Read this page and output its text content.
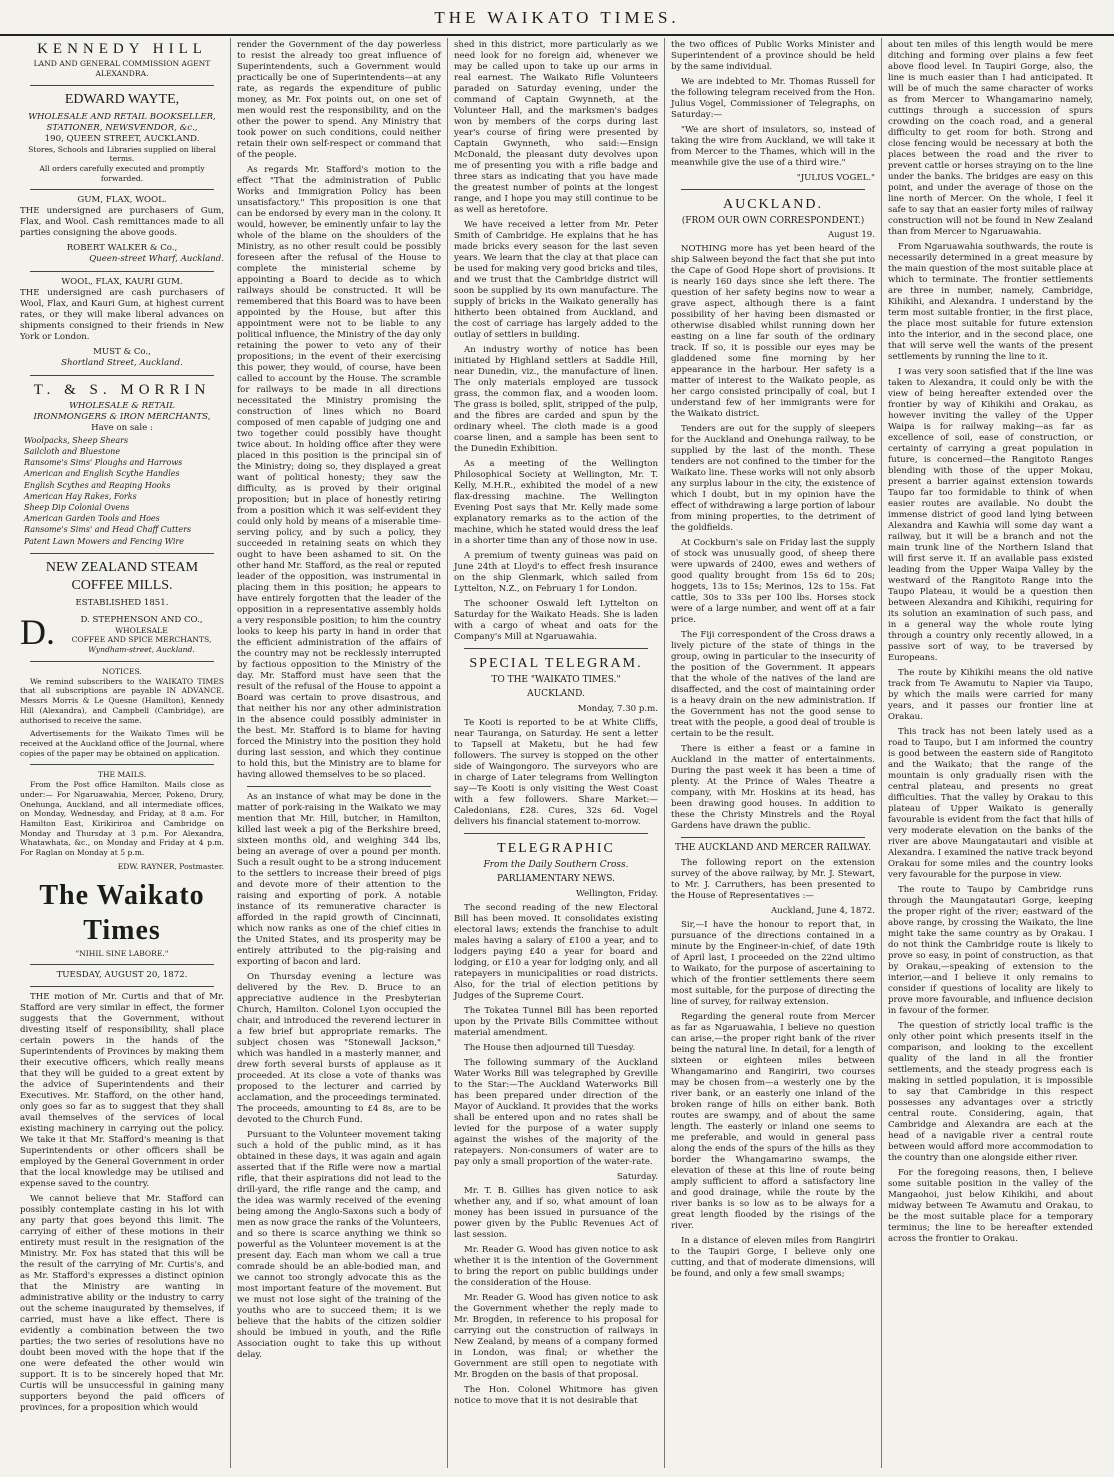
THE WAIKATO TIMES.
KENNEDY HILL
LAND AND GENERAL COMMISSION AGENT
ALEXANDRA.
EDWARD WAYTE,
WHOLESALE AND RETAIL BOOKSELLER,
STATIONER, NEWSVENDOR, &c.,
190, QUEEN STREET, AUCKLAND.
Stores, Schools and Libraries supplied on liberal terms.
All orders carefully executed and promptly forwarded.
GUM, FLAX, WOOL.

THE undersigned are purchasers of Gum, Flax, and Wool. Cash remittances made to all parties consigning the above goods.

ROBERT WALKER & Co.,
Queen-street Wharf, Auckland.
WOOL, FLAX, KAURI GUM.

THE undersigned are cash purchasers of Wool, Flax, and Kauri Gum, at highest current rates, or they will make liberal advances on shipments consigned to their friends in New York or London.

MUST & Co.,
Shortland Street, Auckland.
T. & S. MORRIN
WHOLESALE & RETAIL
IRONMONGERS & IRON MERCHANTS,
Have on sale :
Woolpacks, Sheep Shears
Sailcloth and Bluestone
Ransome's Sims' Ploughs and Harrows
American and English Scythe Handles
English Scythes and Reaping Hooks
American Hay Rakes, Forks
Sheep Dip Colonial Ovens
American Garden Tools and Hoes
Ransome's Sims' and Head Chaff Cutters
Patent Lawn Mowers and Fencing Wire
NEW ZEALAND STEAM COFFEE MILLS.
ESTABLISHED 1851.
D.	D. STEPHENSON AND CO.,
WHOLESALE
COFFEE AND SPICE MERCHANTS,
Wyndham-street, Auckland.
NOTICES.

We remind subscribers to the WAIKATO TIMES that all subscriptions are payable IN ADVANCE. Messrs Morris & Le Quesne (Hamilton), Kennedy Hill (Alexandra), and Campbell (Cambridge), are authorised to receive the same.

Advertisements for the Waikato Times will be received at the Auckland office of the Journal, where copies of the paper may be obtained on application.

THE MAILS.

From the Post office Hamilton. Mails close as under:— For Ngaruawahia, Mercer, Pokeno, Drury, Onehunga, Auckland, and all intermediate offices, on Monday, Wednesday, and Friday, at 8 a.m. For Hamilton East, Kirikiriroa and Cambridge on Monday and Thursday at 3 p.m. For Alexandra, Whatawhata, &c., on Monday and Friday at 4 p.m. For Raglan on Monday at 5 p.m.

EDW. RAYNER, Postmaster.
The Waikato Times
"NIHIL SINE LABORE."
TUESDAY, AUGUST 20, 1872.

THE motion of Mr. Curtis and that of Mr. Stafford are very similar in effect, the former suggests that the Government, without divesting itself of responsibility, shall place certain powers in the hands of the Superintendents of Provinces by making them their executive officers, which really means that they will be guided to a great extent by the advice of Superintendents and their Executives. Mr. Stafford, on the other hand, only goes so far as to suggest that they shall avail themselves of the services of local existing machinery in carrying out the policy. We take it that Mr. Stafford's meaning is that Superintendents or other officers shall be employed by the General Government in order that the local knowledge may be utilised and expense saved to the country.

We cannot believe that Mr. Stafford can possibly contemplate casting in his lot with any party that goes beyond this limit. The carrying of either of these motions in their entirety must result in the resignation of the Ministry. Mr. Fox has stated that this will be the result of the carrying of Mr. Curtis's, and as Mr. Stafford's expresses a distinct opinion that the Ministry are wanting in administrative ability or the industry to carry out the scheme inaugurated by themselves, if carried, must have a like effect. There is evidently a combination between the two parties; the two series of resolutions have no doubt been moved with the hope that if the one were defeated the other would win support. It is to be sincerely hoped that Mr. Curtis will be unsuccessful in gaining many supporters beyond the paid officers of provinces, for a proposition which would

render the Government of the day powerless to resist the already too great influence of Superintendents, such a Government would practically be one of Superintendents—at any rate, as regards the expenditure of public money, as Mr. Fox points out, on one set of men would rest the responsibility, and on the other the power to spend. Any Ministry that took power on such conditions, could neither retain their own self-respect or command that of the people.

As regards Mr. Stafford's motion to the effect "That the administration of Public Works and Immigration Policy has been unsatisfactory." This proposition is one that can be endorsed by every man in the colony. It would, however, be eminently unfair to lay the whole of the blame on the shoulders of the Ministry, as no other result could be possibly foreseen after the refusal of the House to complete the ministerial scheme by appointing a Board to decide as to which railways should be constructed. It will be remembered that this Board was to have been appointed by the House, but after this appointment were not to be liable to any political influence, the Ministry of the day only retaining the power to veto any of their propositions; in the event of their exercising this power, they would, of course, have been called to account by the House. The scramble for railways to be made in all directions necessitated the Ministry promising the construction of lines which no Board composed of men capable of judging one and two together could possibly have thought twice about. In holding office after they were placed in this position is the principal sin of the Ministry; doing so, they displayed a great want of political honesty; they saw the difficulty, as is proved by their original proposition; but in place of honestly retiring from a position which it was self-evident they could only hold by means of a miserable time-serving policy, and by such a policy, they succeeded in retaining seats on which they ought to have been ashamed to sit. On the other hand Mr. Stafford, as the real or reputed leader of the opposition, was instrumental in placing them in this position; he appears to have entirely forgotten that the leader of the opposition in a representative assembly holds a very responsible position; to him the country looks to keep his party in hand in order that the efficient administration of the affairs of the country may not be recklessly interrupted by factious opposition to the Ministry of the day. Mr. Stafford must have seen that the result of the refusal of the House to appoint a Board was certain to prove disastrous, and that neither his nor any other administration in the absence could possibly administer in the best. Mr. Stafford is to blame for having forced the Ministry into the position they hold during last session, and which they continue to hold this, but the Ministry are to blame for having allowed themselves to be so placed.

As an instance of what may be done in the matter of pork-raising in the Waikato we may mention that Mr. Hill, butcher, in Hamilton, killed last week a pig of the Berkshire breed, sixteen months old, and weighing 344 lbs, being an average of over a pound per month. Such a result ought to be a strong inducement to the settlers to increase their breed of pigs and devote more of their attention to the raising and exporting of pork. A notable instance of its remunerative character is afforded in the rapid growth of Cincinnati, which now ranks as one of the chief cities in the United States, and its prosperity may be entirely attributed to the pig-raising and exporting of bacon and lard.

On Thursday evening a lecture was delivered by the Rev. D. Bruce to an appreciative audience in the Presbyterian Church, Hamilton. Colonel Lyon occupied the chair, and introduced the reverend lecturer in a few brief but appropriate remarks. The subject chosen was "Stonewall Jackson," which was handled in a masterly manner, and drew forth several bursts of applause as it proceeded. At its close a vote of thanks was proposed to the lecturer and carried by acclamation, and the proceedings terminated. The proceeds, amounting to £4 8s, are to be devoted to the Church Fund.

Pursuant to the Volunteer movement taking such a hold of the public mind, as it has obtained in these days, it was again and again asserted that if the Rifle were now a martial rifle, that their aspirations did not lead to the drill-yard, the rifle range and the camp, and the idea was warmly received of the evening being among the Anglo-Saxons such a body of men as now grace the ranks of the Volunteers, and so there is scarce anything we think so powerful as the Volunteer movement is at the present day. Each man whom we call a true comrade should be an able-bodied man, and we cannot too strongly advocate this as the most important feature of the movement. But we must not lose sight of the training of the youths who are to succeed them; it is we believe that the habits of the citizen soldier should be imbued in youth, and the Rifle Association ought to take this up without delay.

shed in this district, more particularly as we need look for no foreign aid, whenever we may be called upon to take up our arms in real earnest. The Waikato Rifle Volunteers paraded on Saturday evening, under the command of Captain Gwynneth, at the Volunteer Hall, and the marksmen's badges won by members of the corps during last year's course of firing were presented by Captain Gwynneth, who said:—Ensign McDonald, the pleasant duty devolves upon me of presenting you with a rifle badge and three stars as indicating that you have made the greatest number of points at the longest range, and I hope you may still continue to be as well as heretofore.

We have received a letter from Mr. Peter Smith of Cambridge. He explains that he has made bricks every season for the last seven years. We learn that the clay at that place can be used for making very good bricks and tiles, and we trust that the Cambridge district will soon be supplied by its own manufacture. The supply of bricks in the Waikato generally has hitherto been obtained from Auckland, and the cost of carriage has largely added to the outlay of settlers in building.

An industry worthy of notice has been initiated by Highland settlers at Saddle Hill, near Dunedin, viz., the manufacture of linen. The only materials employed are tussock grass, the common flax, and a wooden loom. The grass is boiled, split, stripped of the pulp, and the fibres are carded and spun by the ordinary wheel. The cloth made is a good coarse linen, and a sample has been sent to the Dunedin Exhibition.

As a meeting of the Wellington Philosophical Society at Wellington, Mr. T. Kelly, M.H.R., exhibited the model of a new flax-dressing machine. The Wellington Evening Post says that Mr. Kelly made some explanatory remarks as to the action of the machine, which he stated would dress the leaf in a shorter time than any of those now in use.

A premium of twenty guineas was paid on June 24th at Lloyd's to effect fresh insurance on the ship Glenmark, which sailed from Lyttelton, N.Z., on February 1 for London.

The schooner Oswald left Lyttelton on Saturday for the Waikato Heads. She is laden with a cargo of wheat and oats for the Company's Mill at Ngaruawahia.

SPECIAL TELEGRAM.
TO THE "WAIKATO TIMES."
AUCKLAND.
Monday, 7.30 p.m.

Te Kooti is reported to be at White Cliffs, near Tauranga, on Saturday. He sent a letter to Tapsell at Maketu, but he had few followers. The survey is stopped on the other side of Waingongoro. The surveyors who are in charge of Later telegrams from Wellington say—Te Kooti is only visiting the West Coast with a few followers. Share Market:—Caledonians, £28. Cures, 32s 6d. Vogel delivers his financial statement to-morrow.

TELEGRAPHIC
From the Daily Southern Cross.
PARLIAMENTARY NEWS.
Wellington, Friday.

The second reading of the new Electoral Bill has been moved. It consolidates existing electoral laws; extends the franchise to adult males having a salary of £100 a year, and to lodgers paying £40 a year for board and lodging, or £10 a year for lodging only, and all ratepayers in municipalities or road districts. Also, for the trial of election petitions by Judges of the Supreme Court.

The Tokatea Tunnel Bill has been reported upon by the Private Bills Committee without material amendment.

The House then adjourned till Tuesday.

The following summary of the Auckland Water Works Bill was telegraphed by Greville to the Star:—The Auckland Waterworks Bill has been prepared under direction of the Mayor of Auckland. It provides that the works shall be entered upon and no rates shall be levied for the purpose of a water supply against the wishes of the majority of the ratepayers. Non-consumers of water are to pay only a small proportion of the water-rate.

Saturday.

Mr. T. B. Gillies has given notice to ask whether any, and if so, what amount of loan money has been issued in pursuance of the power given by the Public Revenues Act of last session.

Mr. Reader G. Wood has given notice to ask whether it is the intention of the Government to bring the report on public buildings under the consideration of the House.

Mr. Reader G. Wood has given notice to ask the Government whether the reply made to Mr. Brogden, in reference to his proposal for carrying out the construction of railways in New Zealand, by means of a company formed in London, was final; or whether the Government are still open to negotiate with Mr. Brogden on the basis of that proposal.

The Hon. Colonel Whitmore has given notice to move that it is not desirable that

the two offices of Public Works Minister and Superintendent of a province should be held by the same individual.

We are indebted to Mr. Thomas Russell for the following telegram received from the Hon. Julius Vogel, Commissioner of Telegraphs, on Saturday:—

"We are short of insulators, so, instead of taking the wire from Auckland, we will take it from Mercer to the Thames, which will in the meanwhile give the use of a third wire."

"JULIUS VOGEL."
AUCKLAND.
(FROM OUR OWN CORRESPONDENT.)
August 19.

NOTHING more has yet been heard of the ship Salween beyond the fact that she put into the Cape of Good Hope short of provisions. It is nearly 160 days since she left there. The question of her safety begins now to wear a grave aspect, although there is a faint possibility of her having been dismasted or otherwise disabled whilst running down her easting on a line far south of the ordinary track. If so, it is possible our eyes may be gladdened some fine morning by her appearance in the harbour. Her safety is a matter of interest to the Waikato people, as her cargo consisted principally of coal, but I understand few of her immigrants were for the Waikato district.

Tenders are out for the supply of sleepers for the Auckland and Onehunga railway, to be supplied by the last of the month. These tenders are not confined to the timber for the Waikato line. These works will not only absorb any surplus labour in the city, the existence of which I doubt, but in my opinion have the effect of withdrawing a large portion of labour from mining properties, to the detriment of the goldfields.

At Cockburn's sale on Friday last the supply of stock was unusually good, of sheep there were upwards of 2400, ewes and wethers of good quality brought from 15s 6d to 20s; hoggets, 13s to 15s; Merinos, 12s to 15s. Fat cattle, 30s to 33s per 100 lbs. Horses stock were of a large number, and went off at a fair price.

The Fiji correspondent of the Cross draws a lively picture of the state of things in the group, owing in particular to the insecurity of the position of the Government. It appears that the whole of the natives of the land are disaffected, and the cost of maintaining order is a heavy drain on the new administration. If the Government has not the good sense to treat with the people, a good deal of trouble is certain to be the result.

There is either a feast or a famine in Auckland in the matter of entertainments. During the past week it has been a time of plenty. At the Prince of Wales Theatre a company, with Mr. Hoskins at its head, has been drawing good houses. In addition to these the Christy Minstrels and the Royal Gardens have drawn the public.

THE AUCKLAND AND MERCER RAILWAY.

The following report on the extension survey of the above railway, by Mr. J. Stewart, to Mr. J. Carruthers, has been presented to the House of Representatives :—

Auckland, June 4, 1872.

Sir,—I have the honour to report that, in pursuance of the directions contained in a minute by the Engineer-in-chief, of date 19th of April last, I proceeded on the 22nd ultimo to Waikato, for the purpose of ascertaining to which of the frontier settlements there seem most suitable, for the purpose of directing the line of survey, for railway extension.

Regarding the general route from Mercer as far as Ngaruawahia, I believe no question can arise,—the proper right bank of the river being the natural line. In detail, for a length of sixteen or eighteen miles between Whangamarino and Rangiriri, two courses may be chosen from—a westerly one by the river bank, or an easterly one inland of the broken range of hills on either bank. Both routes are swampy, and of about the same length. The easterly or inland one seems to me preferable, and would in general pass along the ends of the spurs of the hills as they border the Whangamarino swamps, the elevation of these at this line of route being amply sufficient to afford a satisfactory line and good drainage, while the route by the river banks is so low as to be always for a great length flooded by the risings of the river.

In a distance of eleven miles from Rangiriri to the Taupiri Gorge, I believe only one cutting, and that of moderate dimensions, will be found, and only a few small swamps;

about ten miles of this length would be mere ditching and forming over plains a few feet above flood level. In Taupiri Gorge, also, the line is much easier than I had anticipated. It will be of much the same character of works as from Mercer to Whangamarino namely, cuttings through a succession of spurs crowding on the coach road, and a general difficulty to get room for both. Strong and close fencing would be necessary at both the places between the road and the river to prevent cattle or horses straying on to the line under the banks. The bridges are easy on this point, and under the average of those on the line north of Mercer. On the whole, I feel it safe to say that an easier forty miles of railway construction will not be found in New Zealand than from Mercer to Ngaruawahia.

From Ngaruawahia southwards, the route is necessarily determined in a great measure by the main question of the most suitable place at which to terminate. The frontier settlements are three in number, namely, Cambridge, Kihikihi, and Alexandra. I understand by the term most suitable frontier, in the first place, the place most suitable for future extension into the interior, and in the second place, one that will serve well the wants of the present settlements by running the line to it.

I was very soon satisfied that if the line was taken to Alexandra, it could only be with the view of being hereafter extended over the frontier by way of Kihikihi and Orakau, as however inviting the valley of the Upper Waipa is for railway making—as far as excellence of soil, ease of construction, or certainty of carrying a great population in future, is concerned—the Rangitoto Ranges blending with those of the upper Mokau, present a barrier against extension towards Taupo far too formidable to think of when easier routes are available. No doubt the immense district of good land lying between Alexandra and Kawhia will some day want a railway, but it will be a branch and not the main trunk line of the Northern Island that will first serve it. If an available pass existed leading from the Upper Waipa Valley by the westward of the Rangitoto Range into the Taupo Plateau, it would be a question then between Alexandra and Kihikihi, requiring for its solution an examination of such pass, and in a general way the whole route lying through a country only recently allowed, in a passive sort of way, to be traversed by Europeans.

The route by Kihikihi means the old native track from Te Awamutu to Napier via Taupo, by which the mails were carried for many years, and it passes our frontier line at Orakau.

This track has not been lately used as a road to Taupo, but I am informed the country is good between the eastern side of Rangitoto and the Waikato; that the range of the mountain is only gradually risen with the central plateau, and presents no great difficulties. That the valley by Orakau to this plateau of Upper Waikato is generally favourable is evident from the fact that hills of very moderate elevation on the banks of the river are above Maungatautari and visible at Alexandra. I examined the native track beyond Orakau for some miles and the country looks very favourable for the purpose in view.

The route to Taupo by Cambridge runs through the Maungatautari Gorge, keeping the proper right of the river; eastward of the above range, by crossing the Waikato, the line might take the same country as by Orakau. I do not think the Cambridge route is likely to prove so easy, in point of construction, as that by Orakau,—speaking of extension to the interior,—and I believe it only remains to consider if questions of locality are likely to prove more favourable, and influence decision in favour of the former.

The question of strictly local traffic is the only other point which presents itself in the comparison, and looking to the excellent quality of the land in all the frontier settlements, and the steady progress each is making in settled population, it is impossible to say that Cambridge in this respect possesses any advantages over a strictly central route. Considering, again, that Cambridge and Alexandra are each at the head of a navigable river a central route between would afford more accommodation to the country than one alongside either river.

For the foregoing reasons, then, I believe some suitable position in the valley of the Mangaohoi, just below Kihikihi, and about midway between Te Awamutu and Orakau, to be the most suitable place for a temporary terminus; the line to be hereafter extended across the frontier to Orakau.
